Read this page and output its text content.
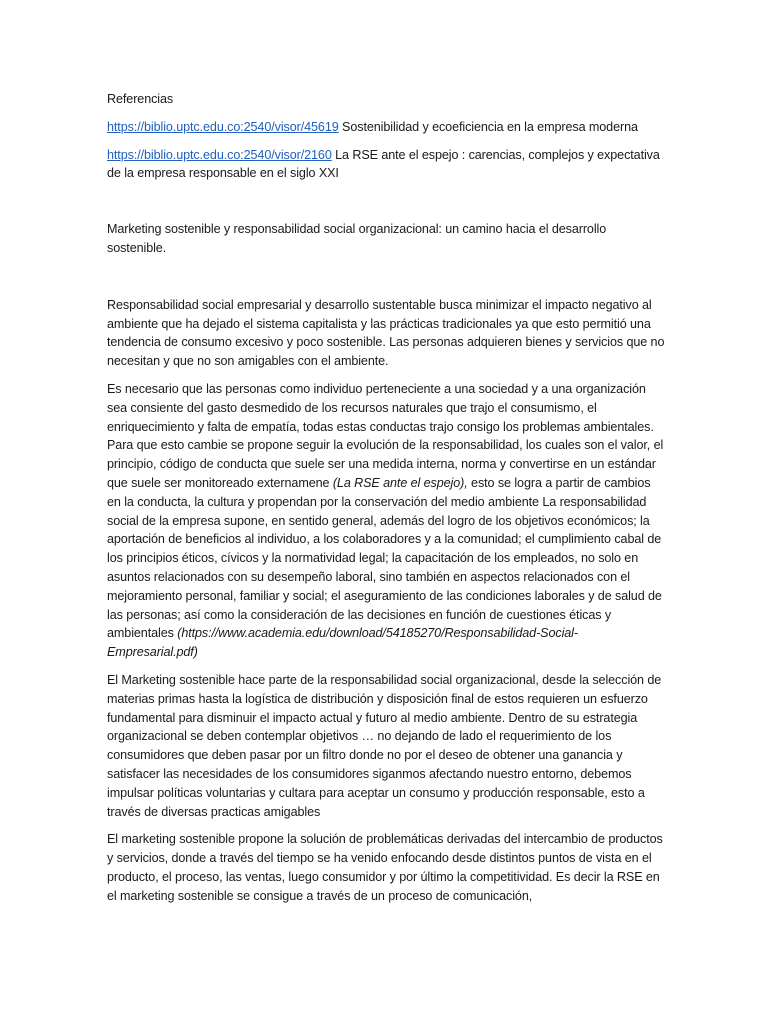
Referencias

https://biblio.uptc.edu.co:2540/visor/45619 Sostenibilidad y ecoeficiencia en la empresa moderna

https://biblio.uptc.edu.co:2540/visor/2160 La RSE ante el espejo : carencias, complejos y expectativa de la empresa responsable en el siglo XXI

Marketing sostenible y responsabilidad social organizacional: un camino hacia el desarrollo sostenible.

Responsabilidad social empresarial y desarrollo sustentable busca minimizar el impacto negativo al ambiente que ha dejado el sistema capitalista y las prácticas tradicionales ya que esto permitió una tendencia de consumo excesivo y poco sostenible. Las personas adquieren bienes y servicios que no necesitan y que no son amigables con el ambiente.

Es necesario que las personas como individuo perteneciente a una sociedad y a una organización sea consiente del gasto desmedido de los recursos naturales que trajo el consumismo, el enriquecimiento y falta de empatía, todas estas conductas trajo consigo los problemas ambientales. Para que esto cambie se propone seguir la evolución de la responsabilidad, los cuales son el valor, el principio, código de conducta que suele ser una medida interna, norma y convertirse en un estándar que suele ser monitoreado externamene (La RSE ante el espejo), esto se logra a partir de cambios en la conducta, la cultura y propendan por la conservación del medio ambiente La responsabilidad social de la empresa supone, en sentido general, además del logro de los objetivos económicos; la aportación de beneficios al individuo, a los colaboradores y a la comunidad; el cumplimiento cabal de los principios éticos, cívicos y la normatividad legal; la capacitación de los empleados, no solo en asuntos relacionados con su desempeño laboral, sino también en aspectos relacionados con el mejoramiento personal, familiar y social; el aseguramiento de las condiciones laborales y de salud de las personas; así como la consideración de las decisiones en función de cuestiones éticas y ambientales (https://www.academia.edu/download/54185270/Responsabilidad-Social-Empresarial.pdf)

El Marketing sostenible hace parte de la responsabilidad social organizacional, desde la selección de materias primas hasta la logística de distribución y disposición final de estos requieren un esfuerzo fundamental para disminuir el impacto actual y futuro al medio ambiente. Dentro de su estrategia organizacional se deben contemplar objetivos … no dejando de lado el requerimiento de los consumidores que deben pasar por un filtro donde no por el deseo de obtener una ganancia y satisfacer las necesidades de los consumidores siganmos afectando nuestro entorno, debemos impulsar políticas voluntarias y cultara para aceptar un consumo y producción responsable, esto a través de diversas practicas amigables

El marketing sostenible propone la solución de problemáticas derivadas del intercambio de productos y servicios, donde a través del tiempo se ha venido enfocando desde distintos puntos de vista en el producto, el proceso, las ventas, luego consumidor y por último la competitividad. Es decir la RSE en el marketing sostenible se consigue a través de un proceso de comunicación,
